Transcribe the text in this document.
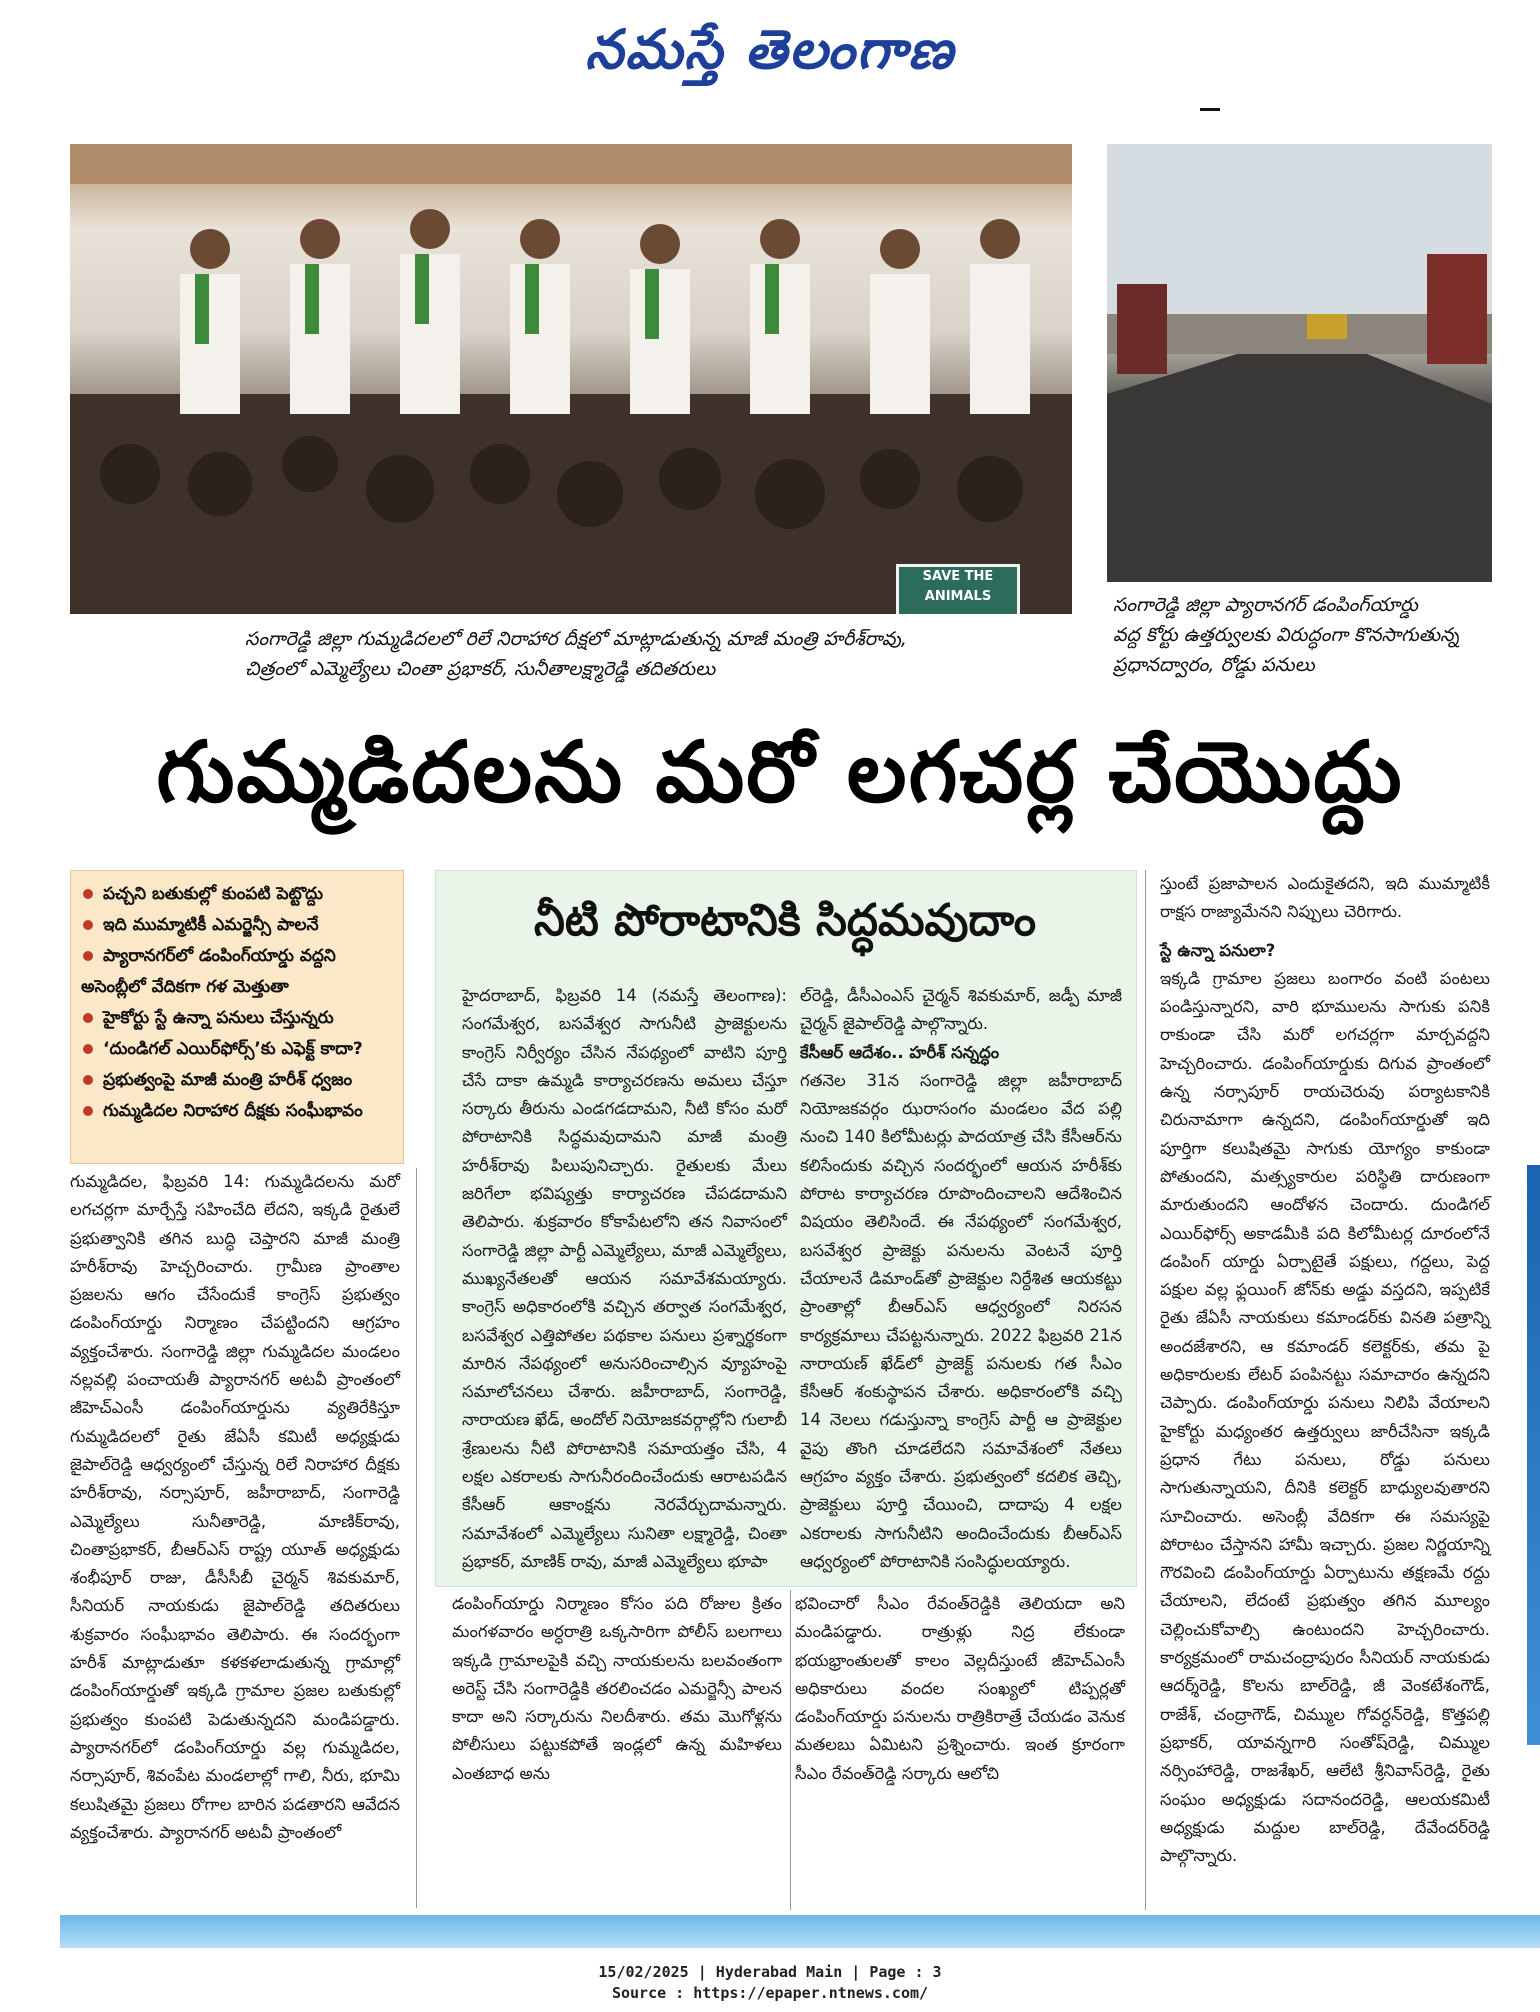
నమస్తే తెలంగాణ
SAVE THE ANIMALS
సంగారెడ్డి జిల్లా గుమ్మడిదలలో రిలే నిరాహార దీక్షలో మాట్లాడుతున్న మాజీ మంత్రి హరీశ్‌రావు,
చిత్రంలో ఎమ్మెల్యేలు చింతా ప్రభాకర్, సునీతాలక్ష్మారెడ్డి తదితరులు
సంగారెడ్డి జిల్లా ప్యారానగర్ డంపింగ్‌యార్డు
వద్ద కోర్టు ఉత్తర్వులకు విరుద్ధంగా కొనసాగుతున్న
ప్రధానద్వారం, రోడ్డు పనులు
గుమ్మడిదలను మరో లగచర్ల చేయొద్దు
పచ్చని బతుకుల్లో కుంపటి పెట్టొద్దు
ఇది ముమ్మాటికీ ఎమర్జెన్సీ పాలనే
ప్యారానగర్‌లో డంపింగ్‌యార్డు వద్దని
అసెంబ్లీలో వేదికగా గళ మెత్తుతా
హైకోర్టు స్టే ఉన్నా పనులు చేస్తున్నరు
‘దుండిగల్ ఎయిర్‌ఫోర్స్’కు ఎఫెక్ట్ కాదా?
ప్రభుత్వంపై మాజీ మంత్రి హరీశ్ ధ్వజం
గుమ్మడిదల నిరాహార దీక్షకు సంఘీభావం
గుమ్మడిదల, ఫిబ్రవరి 14: గుమ్మడిదలను మరో లగచర్లగా మార్చేస్తే సహించేది లేదని, ఇక్కడి రైతులే ప్రభుత్వానికి తగిన బుద్ధి చెప్తారని మాజీ మంత్రి హరీశ్‌రావు హెచ్చరించారు. గ్రామీణ ప్రాంతాల ప్రజలను ఆగం చేసేందుకే కాంగ్రెస్ ప్రభుత్వం డంపింగ్‌యార్డు నిర్మాణం చేపట్టిందని ఆగ్రహం వ్యక్తంచేశారు. సంగారెడ్డి జిల్లా గుమ్మడిదల మండలం నల్లవల్లి పంచాయతీ ప్యారానగర్ అటవీ ప్రాంతంలో జీహెచ్‌ఎంసీ డంపింగ్‌యార్డును వ్యతిరేకిస్తూ గుమ్మడిదలలో రైతు జేఏసీ కమిటీ అధ్యక్షుడు జైపాల్‌రెడ్డి ఆధ్వర్యంలో చేస్తున్న రిలే నిరాహార దీక్షకు హరీశ్‌రావు, నర్సాపూర్, జహీరాబాద్, సంగారెడ్డి ఎమ్మెల్యేలు సునీతారెడ్డి, మాణిక్‌రావు, చింతాప్రభాకర్, బీఆర్‌ఎస్ రాష్ట్ర యూత్ అధ్యక్షుడు శంభీపూర్ రాజు, డీసీసీబీ చైర్మన్ శివకుమార్, సీనియర్ నాయకుడు జైపాల్‌రెడ్డి తదితరులు శుక్రవారం సంఘీభావం తెలిపారు. ఈ సందర్భంగా హరీశ్ మాట్లాడుతూ కళకళలాడుతున్న గ్రామాల్లో డంపింగ్‌యార్డుతో ఇక్కడి గ్రామాల ప్రజల బతుకుల్లో ప్రభుత్వం కుంపటి పెడుతున్నదని మండిపడ్డారు. ప్యారానగర్‌లో డంపింగ్‌యార్డు వల్ల గుమ్మడిదల, నర్సాపూర్, శివంపేట మండలాల్లో గాలి, నీరు, భూమి కలుషితమై ప్రజలు రోగాల బారిన పడతారని ఆవేదన వ్యక్తంచేశారు. ప్యారానగర్ అటవీ ప్రాంతంలో
నీటి పోరాటానికి సిద్ధమవుదాం
హైదరాబాద్, ఫిబ్రవరి 14 (నమస్తే తెలంగాణ): సంగమేశ్వర, బసవేశ్వర సాగునీటి ప్రాజెక్టులను కాంగ్రెస్ నిర్వీర్యం చేసిన నేపథ్యంలో వాటిని పూర్తి చేసే దాకా ఉమ్మడి కార్యాచరణను అమలు చేస్తూ సర్కారు తీరును ఎండగడదామని, నీటి కోసం మరో పోరాటానికి సిద్ధమవుదామని మాజీ మంత్రి హరీశ్‌రావు పిలుపునిచ్చారు. రైతులకు మేలు జరిగేలా భవిష్యత్తు కార్యాచరణ చేపడదామని తెలిపారు. శుక్రవారం కోకాపేటలోని తన నివాసంలో సంగారెడ్డి జిల్లా పార్టీ ఎమ్మెల్యేలు, మాజీ ఎమ్మెల్యేలు, ముఖ్యనేతలతో ఆయన సమావేశమయ్యారు. కాంగ్రెస్ అధికారంలోకి వచ్చిన తర్వాత సంగమేశ్వర, బసవేశ్వర ఎత్తిపోతల పథకాల పనులు ప్రశ్నార్థకంగా మారిన నేపథ్యంలో అనుసరించాల్సిన వ్యూహంపై సమాలోచనలు చేశారు. జహీరాబాద్, సంగారెడ్డి, నారాయణ ఖేడ్, అందోల్ నియోజకవర్గాల్లోని గులాబీ శ్రేణులను నీటి పోరాటానికి సమాయత్తం చేసి, 4 లక్షల ఎకరాలకు సాగునీరందించేందుకు ఆరాటపడిన కేసీఆర్ ఆకాంక్షను నెరవేర్చుదామన్నారు. సమావేశంలో ఎమ్మెల్యేలు సునితా లక్ష్మారెడ్డి, చింతా ప్రభాకర్, మాణిక్ రావు, మాజీ ఎమ్మెల్యేలు భూపా
ల్‌రెడ్డి, డీసీఎంఎస్ చైర్మన్ శివకుమార్, జడ్పీ మాజీ చైర్మన్ జైపాల్‌రెడ్డి పాల్గొన్నారు.
కేసీఆర్ ఆదేశం.. హరీశ్ సన్నద్ధం
గతనెల 31న సంగారెడ్డి జిల్లా జహీరాబాద్ నియోజకవర్గం ఝరాసంగం మండలం వేద పల్లి నుంచి 140 కిలోమీటర్లు పాదయాత్ర చేసి కేసీఆర్‌ను కలిసేందుకు వచ్చిన సందర్భంలో ఆయన హరీశ్‌కు పోరాట కార్యాచరణ రూపొందించాలని ఆదేశించిన విషయం తెలిసిందే. ఈ నేపథ్యంలో సంగమేశ్వర, బసవేశ్వర ప్రాజెక్టు పనులను వెంటనే పూర్తి చేయాలనే డిమాండ్‌తో ప్రాజెక్టుల నిర్దేశిత ఆయకట్టు ప్రాంతాల్లో బీఆర్‌ఎస్ ఆధ్వర్యంలో నిరసన కార్యక్రమాలు చేపట్టనున్నారు. 2022 ఫిబ్రవరి 21న నారాయణ్ ఖేడ్‌లో ప్రాజెక్ట్ పనులకు గత సీఎం కేసీఆర్ శంకుస్థాపన చేశారు. అధికారంలోకి వచ్చి 14 నెలలు గడుస్తున్నా కాంగ్రెస్ పార్టీ ఆ ప్రాజెక్టుల వైపు తొంగి చూడలేదని సమావేశంలో నేతలు ఆగ్రహం వ్యక్తం చేశారు. ప్రభుత్వంలో కదలిక తెచ్చి, ప్రాజెక్టులు పూర్తి చేయించి, దాదాపు 4 లక్షల ఎకరాలకు సాగునీటిని అందించేందుకు బీఆర్‌ఎస్ ఆధ్వర్యంలో పోరాటానికి సంసిద్ధులయ్యారు.
డంపింగ్‌యార్డు నిర్మాణం కోసం పది రోజుల క్రితం మంగళవారం అర్ధరాత్రి ఒక్కసారిగా పోలీస్ బలగాలు ఇక్కడి గ్రామాలపైకి వచ్చి నాయకులను బలవంతంగా అరెస్ట్ చేసి సంగారెడ్డికి తరలించడం ఎమర్జెన్సీ పాలన కాదా అని సర్కారును నిలదీశారు. తమ మొగోళ్లను పోలీసులు పట్టుకపోతే ఇండ్లలో ఉన్న మహిళలు ఎంతబాధ అను
భవించారో సీఎం రేవంత్‌రెడ్డికి తెలియదా అని మండిపడ్డారు. రాత్రుళ్లు నిద్ర లేకుండా భయభ్రాంతులతో కాలం వెల్లదీస్తుంటే జీహెచ్‌ఎంసీ అధికారులు వందల సంఖ్యలో టిప్పర్లతో డంపింగ్‌యార్డు పనులను రాత్రికిరాత్రే చేయడం వెనుక మతలబు ఏమిటని ప్రశ్నించారు. ఇంత క్రూరంగా సీఎం రేవంత్‌రెడ్డి సర్కారు ఆలోచి
స్తుంటే ప్రజాపాలన ఎందుకైతదని, ఇది ముమ్మాటికీ రాక్షస రాజ్యామేనని నిప్పులు చెరిగారు.
స్టే ఉన్నా పనులా?
ఇక్కడి గ్రామాల ప్రజలు బంగారం వంటి పంటలు పండిస్తున్నారని, వారి భూములను సాగుకు పనికి రాకుండా చేసి మరో లగచర్లగా మార్చవద్దని హెచ్చరించారు. డంపింగ్‌యార్డుకు దిగువ ప్రాంతంలో ఉన్న నర్సాపూర్ రాయచెరువు పర్యాటకానికి చిరునామాగా ఉన్నదని, డంపింగ్‌యార్డుతో ఇది పూర్తిగా కలుషితమై సాగుకు యోగ్యం కాకుండా పోతుందని, మత్స్యకారుల పరిస్థితి దారుణంగా మారుతుందని ఆందోళన చెందారు. దుండిగల్ ఎయిర్‌ఫోర్స్ అకాడమీకి పది కిలోమీటర్ల దూరంలోనే డంపింగ్ యార్డు ఏర్పాటైతే పక్షులు, గద్దలు, పెద్ద పక్షుల వల్ల ఫ్లయింగ్ జోన్‌కు అడ్డు వస్తదని, ఇప్పటికే రైతు జేఏసీ నాయకులు కమాండర్‌కు వినతి పత్రాన్ని అందజేశారని, ఆ కమాండర్ కలెక్టర్‌కు, తమ పై అధికారులకు లేటర్ పంపినట్టు సమాచారం ఉన్నదని చెప్పారు. డంపింగ్‌యార్డు పనులు నిలిపి వేయాలని హైకోర్టు మధ్యంతర ఉత్తర్వులు జారీచేసినా ఇక్కడి ప్రధాన గేటు పనులు, రోడ్డు పనులు సాగుతున్నాయని, దీనికి కలెక్టర్ బాధ్యులవుతారని సూచించారు. అసెంబ్లీ వేదికగా ఈ సమస్యపై పోరాటం చేస్తానని హామీ ఇచ్చారు. ప్రజల నిర్ణయాన్ని గౌరవించి డంపింగ్‌యార్డు ఏర్పాటును తక్షణమే రద్దు చేయాలని, లేదంటే ప్రభుత్వం తగిన మూల్యం చెల్లించుకోవాల్సి ఉంటుందని హెచ్చరించారు. కార్యక్రమంలో రామచంద్రాపురం సీనియర్ నాయకుడు ఆదర్శ్‌రెడ్డి, కొలను బాల్‌రెడ్డి, జీ వెంకటేశంగౌడ్, రాజేశ్, చంద్రాగౌడ్, చిమ్ముల గోవర్ధన్‌రెడ్డి, కొత్తపల్లి ప్రభాకర్, యావన్నగారి సంతోష్‌రెడ్డి, చిమ్ముల నర్సింహారెడ్డి, రాజశేఖర్, ఆలేటి శ్రీనివాస్‌రెడ్డి, రైతు సంఘం అధ్యక్షుడు సదానందరెడ్డి, ఆలయకమిటీ అధ్యక్షుడు మద్దుల బాల్‌రెడ్డి, దేవేందర్‌రెడ్డి పాల్గొన్నారు.
15/02/2025 | Hyderabad Main | Page : 3
Source : https://epaper.ntnews.com/
